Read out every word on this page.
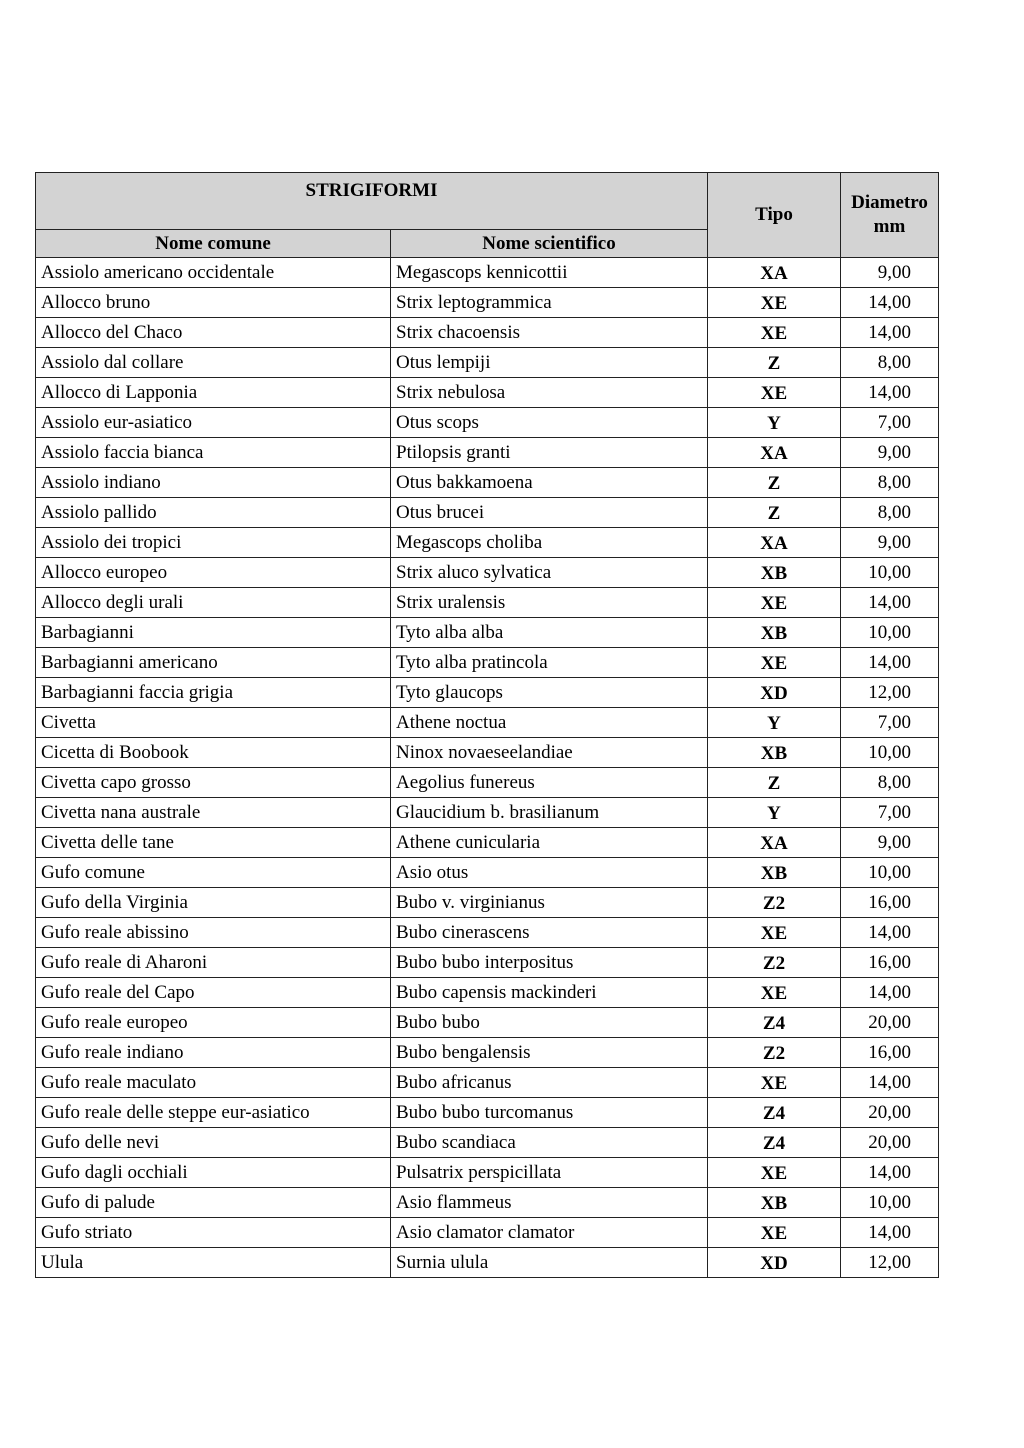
STRIGIFORMI		Tipo	Diametro
mm

Nome comune	Nome scientifico		
Assiolo americano occidentale	Megascops kennicottii	XA	9,00
Allocco bruno	Strix leptogrammica	XE	14,00
Allocco del Chaco	Strix chacoensis	XE	14,00
Assiolo dal collare	Otus lempiji	Z	8,00
Allocco di Lapponia	Strix nebulosa	XE	14,00
Assiolo eur-asiatico	Otus scops	Y	7,00
Assiolo faccia bianca	Ptilopsis granti	XA	9,00
Assiolo indiano	Otus bakkamoena	Z	8,00
Assiolo pallido	Otus brucei	Z	8,00
Assiolo dei tropici	Megascops choliba	XA	9,00
Allocco europeo	Strix aluco sylvatica	XB	10,00
Allocco degli urali	Strix uralensis	XE	14,00
Barbagianni	Tyto alba alba	XB	10,00
Barbagianni americano	Tyto alba pratincola	XE	14,00
Barbagianni faccia grigia	Tyto glaucops	XD	12,00
Civetta	Athene noctua	Y	7,00
Cicetta di Boobook	Ninox novaeseelandiae	XB	10,00
Civetta capo grosso	Aegolius funereus	Z	8,00
Civetta nana australe	Glaucidium b. brasilianum	Y	7,00
Civetta delle tane	Athene cunicularia	XA	9,00
Gufo comune	Asio otus	XB	10,00
Gufo della Virginia	Bubo v. virginianus	Z2	16,00
Gufo reale abissino	Bubo cinerascens	XE	14,00
Gufo reale di Aharoni	Bubo bubo interpositus	Z2	16,00
Gufo reale del Capo	Bubo capensis mackinderi	XE	14,00
Gufo reale europeo	Bubo bubo	Z4	20,00
Gufo reale indiano	Bubo bengalensis	Z2	16,00
Gufo reale maculato	Bubo africanus	XE	14,00
Gufo reale delle steppe eur-asiatico	Bubo bubo turcomanus	Z4	20,00
Gufo delle nevi	Bubo scandiaca	Z4	20,00
Gufo dagli occhiali	Pulsatrix perspicillata	XE	14,00
Gufo di palude	Asio flammeus	XB	10,00
Gufo striato	Asio clamator clamator	XE	14,00
Ulula	Surnia ulula	XD	12,00
